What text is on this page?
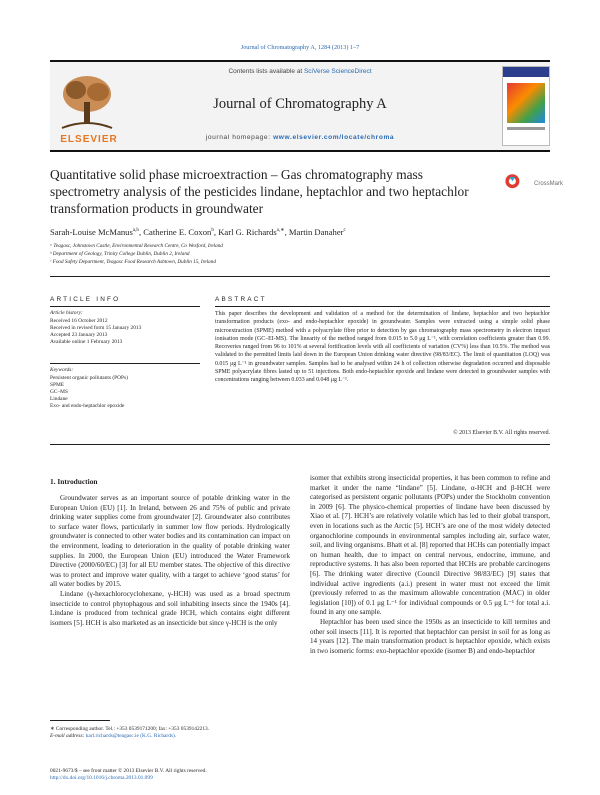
Journal of Chromatography A, 1284 (2013) 1–7
ELSEVIER
Contents lists available at SciVerse ScienceDirect
Journal of Chromatography A
journal homepage: www.elsevier.com/locate/chroma
Quantitative solid phase microextraction – Gas chromatography mass spectrometry analysis of the pesticides lindane, heptachlor and two heptachlor transformation products in groundwater
CrossMark
Sarah-Louise McManus$^{a,b}$, Catherine E. Coxon$^b$, Karl G. Richards$^{a,∗}$, Martin Danaher$^c$
ᵃ Teagasc, Johnstown Castle, Environmental Research Centre, Co Wexford, Ireland
ᵇ Department of Geology, Trinity College Dublin, Dublin 2, Ireland
ᶜ Food Safety Department, Teagasc Food Research Ashtown, Dublin 15, Ireland
ARTICLE INFO	ABSTRACT
Article history:
Received 16 October 2012
Received in revised form 15 January 2013
Accepted 23 January 2013
Available online 1 February 2013
Keywords:
Persistent organic pollutants (POPs)
SPME
GC–MS
Lindane
Exo- and endo-heptachlor epoxide
This paper describes the development and validation of a method for the determination of lindane, heptachlor and two heptachlor transformation products (exo- and endo-heptachlor epoxide) in groundwater. Samples were extracted using a simple solid phase microextraction (SPME) method with a polyacrylate fibre prior to detection by gas chromatography mass spectrometry in electron impact ionisation mode (GC–EI-MS). The linearity of the method ranged from 0.015 to 5.0 μg L⁻¹, with correlation coefficients greater than 0.99. Recoveries ranged from 96 to 101% at several fortification levels with all coefficients of variation (CV%) less than 10.5%. The method was validated to the permitted limits laid down in the European Union drinking water directive (98/83/EC). The limit of quantitation (LOQ) was 0.015 μg L⁻¹ in groundwater samples. Samples had to be analysed within 24 h of collection otherwise degradation occurred and disposable SPME polyacrylate fibres lasted up to 51 injections. Both endo-heptachlor epoxide and lindane were detected in groundwater samples with concentrations ranging between 0.033 and 0.048 μg L⁻¹.
© 2013 Elsevier B.V. All rights reserved.
1. Introduction

Groundwater serves as an important source of potable drinking water in the European Union (EU) [1]. In Ireland, between 26 and 75% of public and private drinking water supplies come from groundwater [2]. Groundwater also contributes to surface water flows, particularly in summer low flow periods. Hydrologically groundwater is connected to other water bodies and its contamination can impact on the environment, leading to deterioration in the quality of potable drinking water supplies. In 2000, the European Union (EU) introduced the Water Framework Directive (2000/60/EC) [3] for all EU member states. The objective of this directive was to protect and improve water quality, with a target to achieve ‘good status’ for all water bodies by 2015.

Lindane (γ-hexachlorocyclohexane, γ-HCH) was used as a broad spectrum insecticide to control phytophagous and soil inhabiting insects since the 1940s [4]. Lindane is produced from technical grade HCH, which contains eight different isomers [5]. HCH is also marketed as an insecticide but since γ-HCH is the only

isomer that exhibits strong insecticidal properties, it has been common to refine and market it under the name “lindane” [5]. Lindane, α-HCH and β-HCH were categorised as persistent organic pollutants (POPs) under the Stockholm convention in 2009 [6]. The physico-chemical properties of lindane have been discussed by Xiao et al. [7]. HCH’s are relatively volatile which has led to their global transport, even in locations such as the Arctic [5]. HCH’s are one of the most widely detected organochlorine compounds in environmental samples including air, surface water, soil, and living organisms. Bhatt et al. [8] reported that HCHs can potentially impact on human health, due to impact on central nervous, endocrine, immune, and reproductive systems. It has also been reported that HCHs are probable carcinogens [6]. The drinking water directive (Council Directive 98/83/EC) [9] states that individual active ingredients (a.i.) present in water must not exceed the limit (previously referred to as the maximum allowable concentration (MAC) in older legislation [10]) of 0.1 μg L⁻¹ for individual compounds or 0.5 μg L⁻¹ for total a.i. found in any one sample.

Heptachlor has been used since the 1950s as an insecticide to kill termites and other soil insects [11]. It is reported that heptachlor can persist in soil for as long as 14 years [12]. The main transformation product is heptachlor epoxide, which exists in two isomeric forms: exo-heptachlor epoxide (isomer B) and endo-heptachlor

∗ Corresponding author. Tel.: +353 0539171200; fax: +353 0539142213.
E-mail address: karl.richards@teagasc.ie (K.G. Richards).
0021-9673/$ – see front matter © 2013 Elsevier B.V. All rights reserved.
http://dx.doi.org/10.1016/j.chroma.2013.01.099
